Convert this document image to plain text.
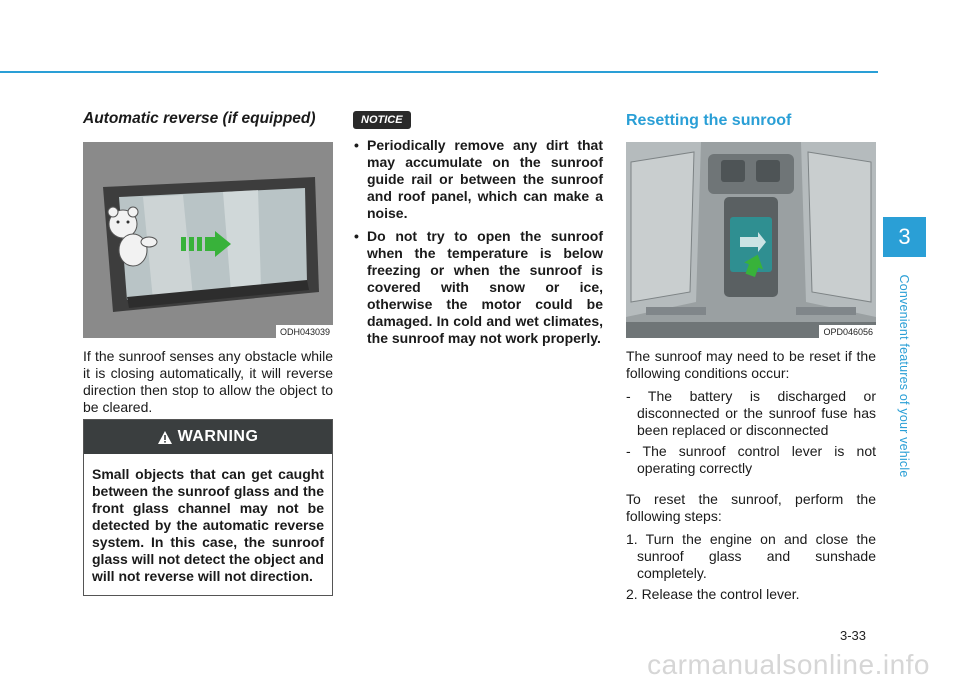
Automatic reverse (if equipped)
ODH043039

If the sunroof senses any obstacle while it is closing automatically, it will reverse direction then stop to allow the object to be cleared.

WARNING
Small objects that can get caught between the sunroof glass and the front glass channel may not be detected by the automatic reverse system. In this case, the sunroof glass will not detect the object and will not reverse will not direction.
NOTICE
• Periodically remove any dirt that may accumulate on the sunroof guide rail or between the sunroof and roof panel, which can make a noise.
• Do not try to open the sunroof when the temperature is below freezing or when the sunroof is covered with snow or ice, otherwise the motor could be damaged. In cold and wet climates, the sunroof may not work properly.
Resetting the sunroof
OPD046056

The sunroof may need to be reset if the following conditions occur:

- The battery is discharged or disconnected or the sunroof fuse has been replaced or disconnected
- The sunroof control lever is not operating correctly

To reset the sunroof, perform the following steps:

1. Turn the engine on and close the sunroof glass and sunshade completely.
2. Release the control lever.
3
Convenient features of your vehicle
3-33
carmanualsonline.info
